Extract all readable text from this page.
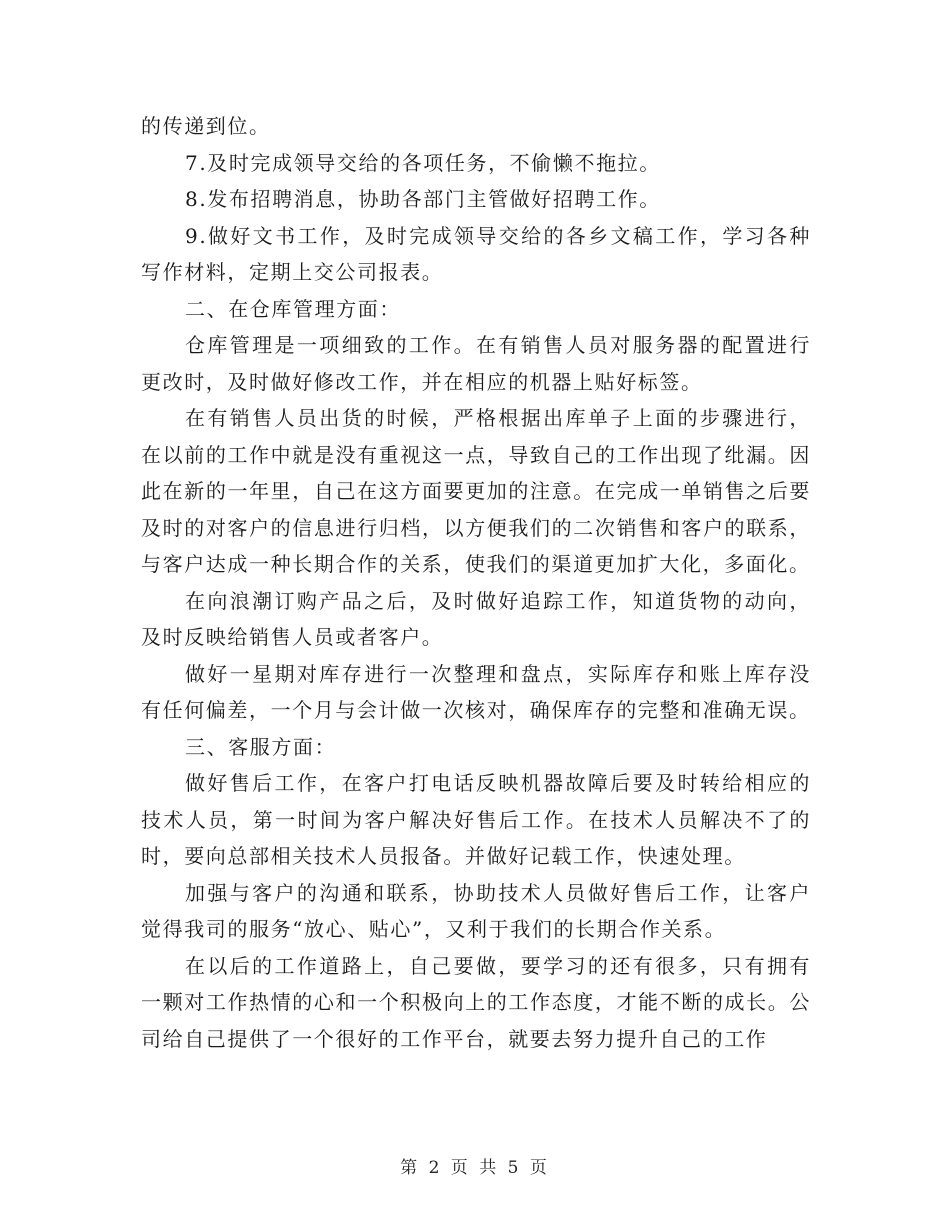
的传递到位。

7.及时完成领导交给的各项任务，不偷懒不拖拉。

8.发布招聘消息，协助各部门主管做好招聘工作。

9.做好文书工作，及时完成领导交给的各乡文稿工作，学习各种写作材料，定期上交公司报表。

二、在仓库管理方面：

仓库管理是一项细致的工作。在有销售人员对服务器的配置进行更改时，及时做好修改工作，并在相应的机器上贴好标签。

在有销售人员出货的时候，严格根据出库单子上面的步骤进行，在以前的工作中就是没有重视这一点，导致自己的工作出现了纰漏。因此在新的一年里，自己在这方面要更加的注意。在完成一单销售之后要及时的对客户的信息进行归档，以方便我们的二次销售和客户的联系，与客户达成一种长期合作的关系，使我们的渠道更加扩大化，多面化。

在向浪潮订购产品之后，及时做好追踪工作，知道货物的动向，及时反映给销售人员或者客户。

做好一星期对库存进行一次整理和盘点，实际库存和账上库存没有任何偏差，一个月与会计做一次核对，确保库存的完整和准确无误。

三、客服方面：

做好售后工作，在客户打电话反映机器故障后要及时转给相应的技术人员，第一时间为客户解决好售后工作。在技术人员解决不了的时，要向总部相关技术人员报备。并做好记载工作，快速处理。

加强与客户的沟通和联系，协助技术人员做好售后工作，让客户觉得我司的服务“放心、贴心”，又利于我们的长期合作关系。

在以后的工作道路上，自己要做，要学习的还有很多，只有拥有一颗对工作热情的心和一个积极向上的工作态度，才能不断的成长。公司给自己提供了一个很好的工作平台，就要去努力提升自己的工作

第 2 页 共 5 页
